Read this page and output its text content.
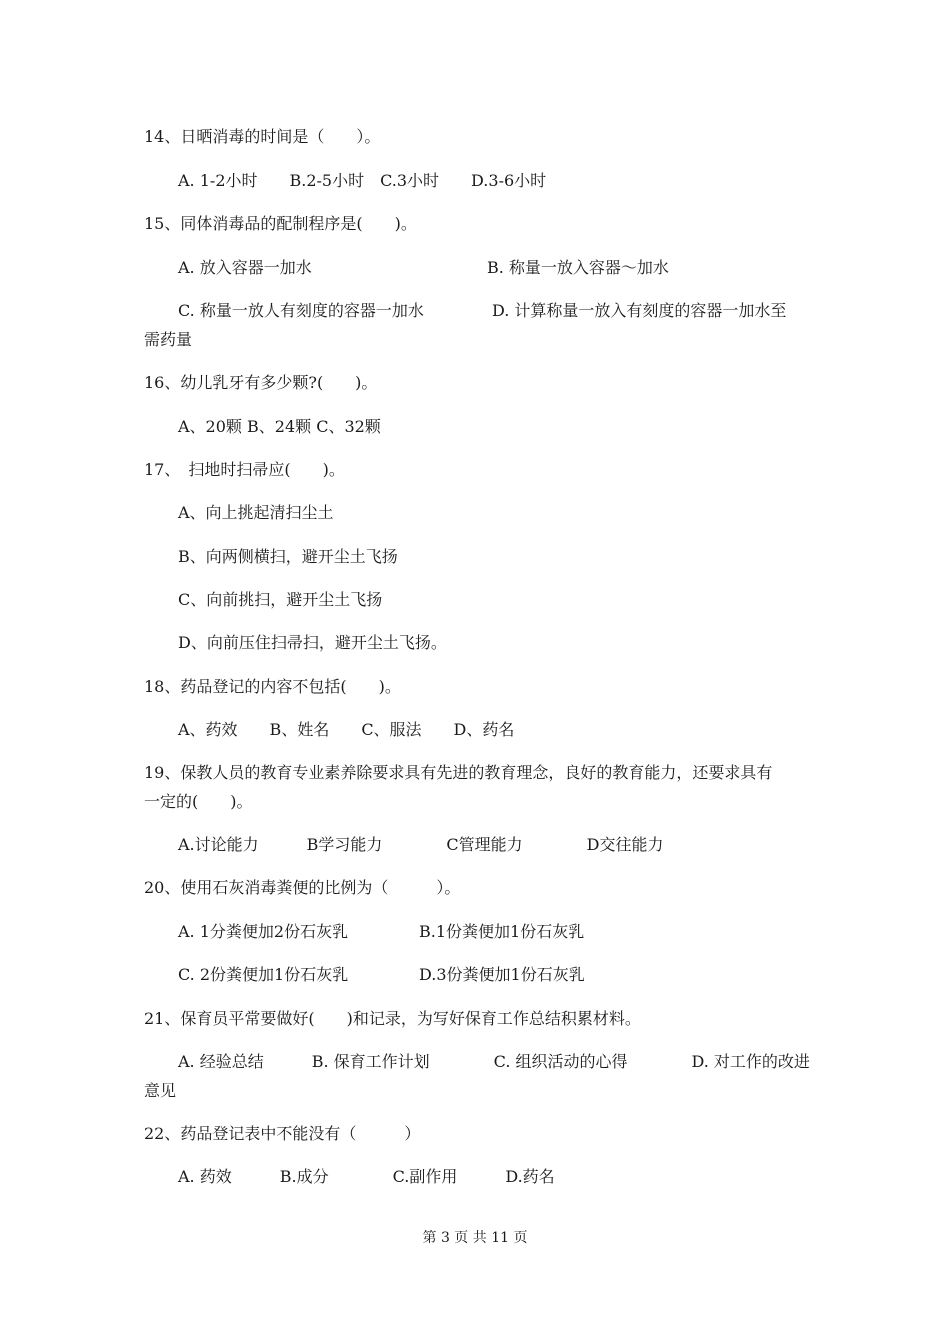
14、日晒消毒的时间是（　　）。
A. 1-2小时　　B.2-5小时　C.3小时　　D.3-6小时
15、同体消毒品的配制程序是(　　)。
A. 放入容器一加水	B. 称量一放入容器～加水
C. 称量一放人有刻度的容器一加水	D. 计算称量一放入有刻度的容器一加水至
需药量
16、幼儿乳牙有多少颗?(　　)。
A、20颗 B、24颗 C、32颗
17、　扫地时扫帚应(　　)。
A、向上挑起清扫尘土
B、向两侧横扫，避开尘土飞扬
C、向前挑扫，避开尘土飞扬
D、向前压住扫帚扫，避开尘土飞扬。
18、药品登记的内容不包括(　　)。
A、药效　　B、姓名　　C、服法　　D、药名
19、保教人员的教育专业素养除要求具有先进的教育理念，良好的教育能力，还要求具有
一定的(　　)。
A.讨论能力　　　B学习能力　　　　C管理能力　　　　D交往能力
20、使用石灰消毒粪便的比例为（　　　）。
A. 1分粪便加2份石灰乳	B.1份粪便加1份石灰乳
C. 2份粪便加1份石灰乳	D.3份粪便加1份石灰乳
21、保育员平常要做好(　　)和记录，为写好保育工作总结积累材料。
A. 经验总结　　　B. 保育工作计划　　　　C. 组织活动的心得　　　　D. 对工作的改进
意见
22、药品登记表中不能没有（　　　）
A. 药效　　　B.成分　　　　C.副作用　　　D.药名
第 3 页 共 11 页
